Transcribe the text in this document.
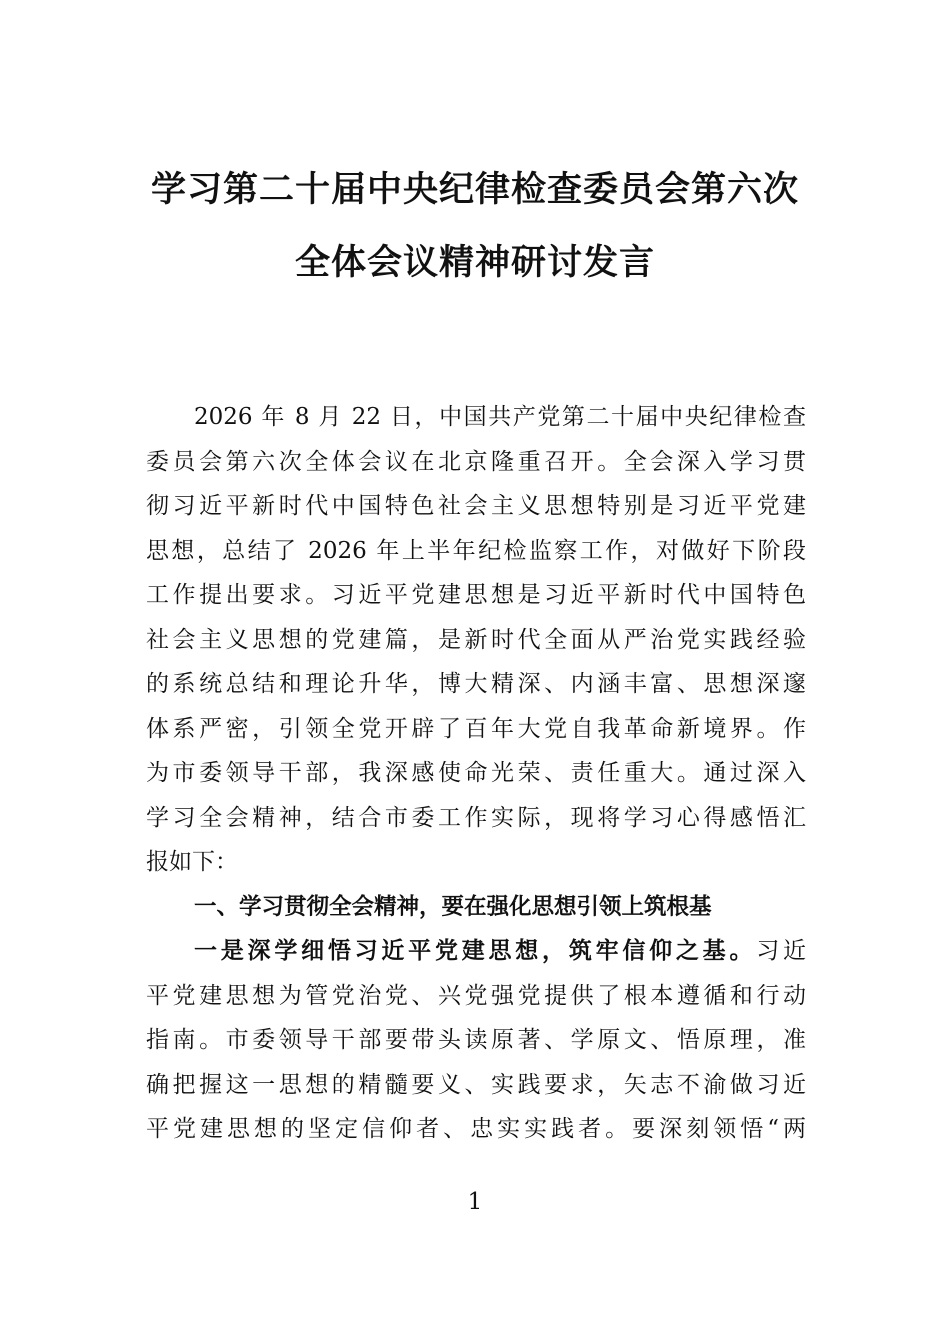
学习第二十届中央纪律检查委员会第六次
全体会议精神研讨发言
2026 年 8 月 22 日，中国共产党第二十届中央纪律检查
委员会第六次全体会议在北京隆重召开。全会深入学习贯
彻习近平新时代中国特色社会主义思想特别是习近平党建
思想，总结了 2026 年上半年纪检监察工作，对做好下阶段
工作提出要求。习近平党建思想是习近平新时代中国特色
社会主义思想的党建篇，是新时代全面从严治党实践经验
的系统总结和理论升华，博大精深、内涵丰富、思想深邃
体系严密，引领全党开辟了百年大党自我革命新境界。作
为市委领导干部，我深感使命光荣、责任重大。通过深入
学习全会精神，结合市委工作实际，现将学习心得感悟汇
报如下：
一、学习贯彻全会精神，要在强化思想引领上筑根基
一是深学细悟习近平党建思想，筑牢信仰之基。习近
平党建思想为管党治党、兴党强党提供了根本遵循和行动
指南。市委领导干部要带头读原著、学原文、悟原理，准
确把握这一思想的精髓要义、实践要求，矢志不渝做习近
平党建思想的坚定信仰者、忠实实践者。要深刻领悟“两
1
